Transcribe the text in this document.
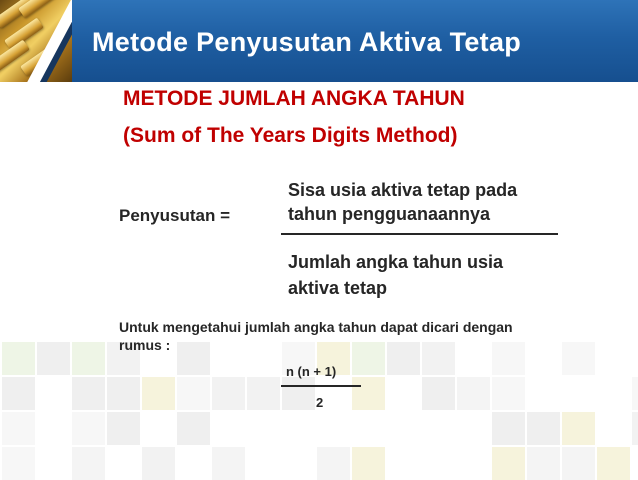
Metode Penyusutan Aktiva Tetap
METODE JUMLAH ANGKA TAHUN
(Sum of The Years Digits Method)
Sisa usia aktiva tetap pada
tahun pengguanaannya
Penyusutan =
Jumlah angka tahun usia
aktiva tetap
Untuk mengetahui jumlah angka tahun dapat dicari dengan
rumus :
n (n + 1)
2
